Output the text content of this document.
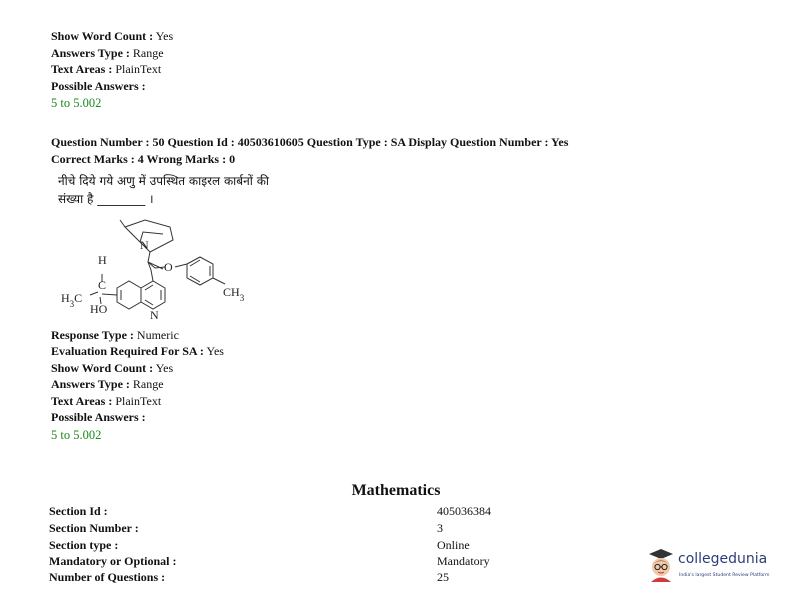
Show Word Count : Yes
Answers Type : Range
Text Areas : PlainText
Possible Answers :
5 to 5.002
Question Number : 50 Question Id : 40503610605 Question Type : SA Display Question Number : Yes
Correct Marks : 4 Wrong Marks : 0
नीचे दिये गये अणु में उपस्थित काइरल कार्बनों की
संख्या है ________ ।
H
C
$H_3C$
HO	N
N
O
$CH_3$
Response Type : Numeric
Evaluation Required For SA : Yes
Show Word Count : Yes
Answers Type : Range
Text Areas : PlainText
Possible Answers :
5 to 5.002
Mathematics
Section Id :	405036384
Section Number :	3
Section type :	Online
Mandatory or Optional :	Mandatory
Number of Questions :	25
collegedunia
India's largest Student Review Platform
